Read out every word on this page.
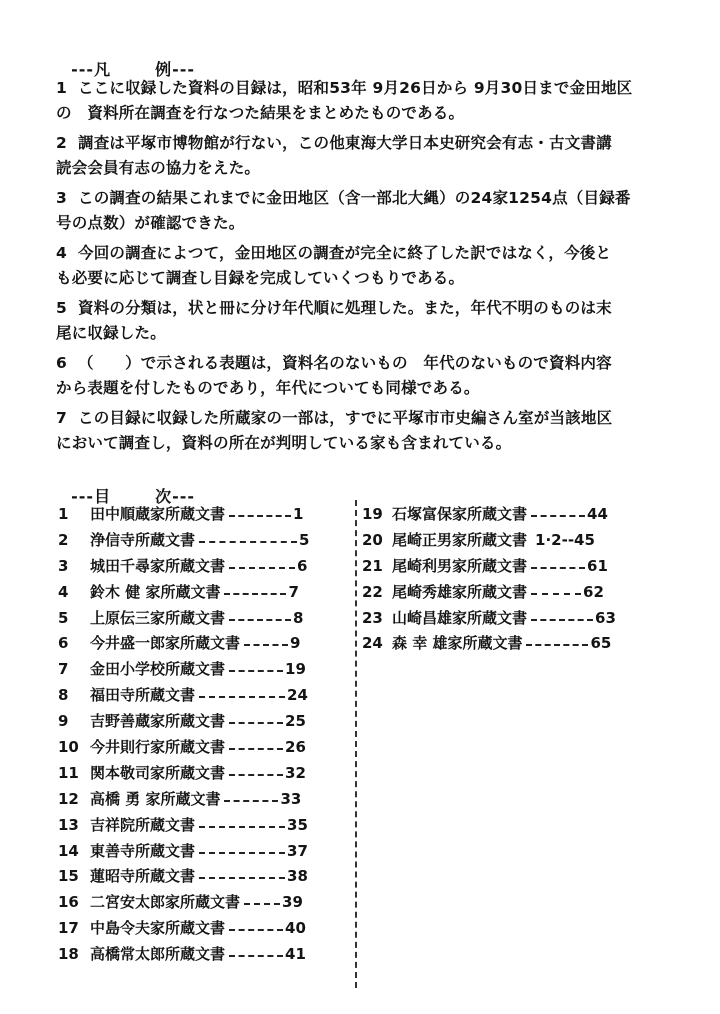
---凡	例---

1 ここに収録した資料の目録は，昭和53年 9月26日から 9月30日まで金田地区
の　資料所在調査を行なつた結果をまとめたものである。
2 調査は平塚市博物館が行ない，この他東海大学日本史研究会有志・古文書講
読会会員有志の協力をえた。
3 この調査の結果これまでに金田地区（含一部北大縄）の24家1254点（目録番
号の点数）が確認できた。
4 今回の調査によつて，金田地区の調査が完全に終了した訳ではなく，今後と
も必要に応じて調査し目録を完成していくつもりである。
5 資料の分類は，状と冊に分け年代順に処理した。また，年代不明のものは末
尾に収録した。
6 （　　）で示される表題は，資料名のないもの　年代のないもので資料内容
から表題を付したものであり，年代についても同様である。
7 この目録に収録した所蔵家の一部は，すでに平塚市市史編さん室が当該地区
において調査し，資料の所在が判明している家も含まれている。

---目	次---

1	田中順蔵家所蔵文書	1
2	浄信寺所蔵文書	5
3	城田千尋家所蔵文書	6
4	鈴木 健 家所蔵文書	7
5	上原伝三家所蔵文書	8
6	今井盛一郎家所蔵文書	9
7	金田小学校所蔵文書	19
8	福田寺所蔵文書	24
9	吉野善蔵家所蔵文書	25
10 今井則行家所蔵文書	26
11 関本敬司家所蔵文書	32
12 高橋 勇 家所蔵文書	33
13 吉祥院所蔵文書	35
14 東善寺所蔵文書	37
15 蓮昭寺所蔵文書	38
16 二宮安太郎家所蔵文書	39
17 中島令夫家所蔵文書	40
18 高橋常太郎所蔵文書	41
19 石塚富保家所蔵文書	44
20 尾崎正男家所蔵文書 1·2--45
21 尾崎利男家所蔵文書	61
22 尾崎秀雄家所蔵文書	62
23 山崎昌雄家所蔵文書	63
24 森 幸 雄家所蔵文書	65
